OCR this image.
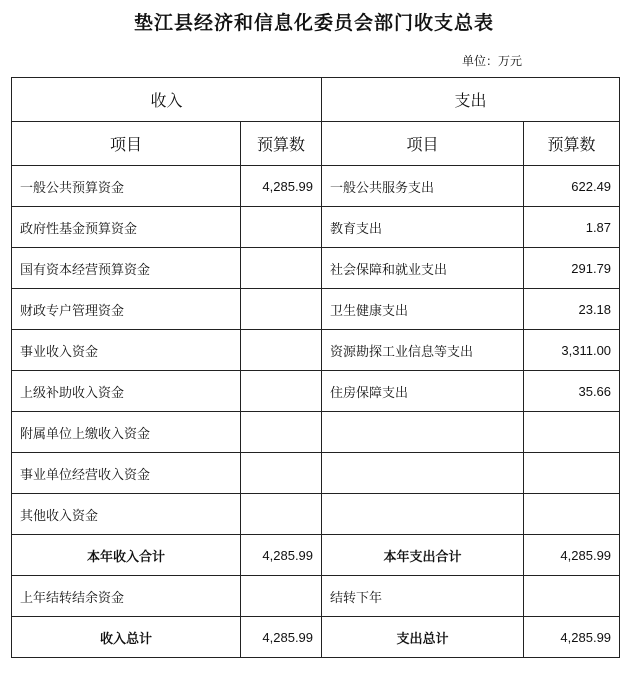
垫江县经济和信息化委员会部门收支总表
单位：万元
收入		支出	
项目	预算数	项目	预算数
一般公共预算资金	4,285.99	一般公共服务支出	622.49
政府性基金预算资金		教育支出	1.87
国有资本经营预算资金		社会保障和就业支出	291.79
财政专户管理资金		卫生健康支出	23.18
事业收入资金		资源勘探工业信息等支出	3,311.00
上级补助收入资金		住房保障支出	35.66
附属单位上缴收入资金			
事业单位经营收入资金			
其他收入资金			
本年收入合计	4,285.99	本年支出合计	4,285.99
上年结转结余资金		结转下年	
收入总计	4,285.99	支出总计	4,285.99
